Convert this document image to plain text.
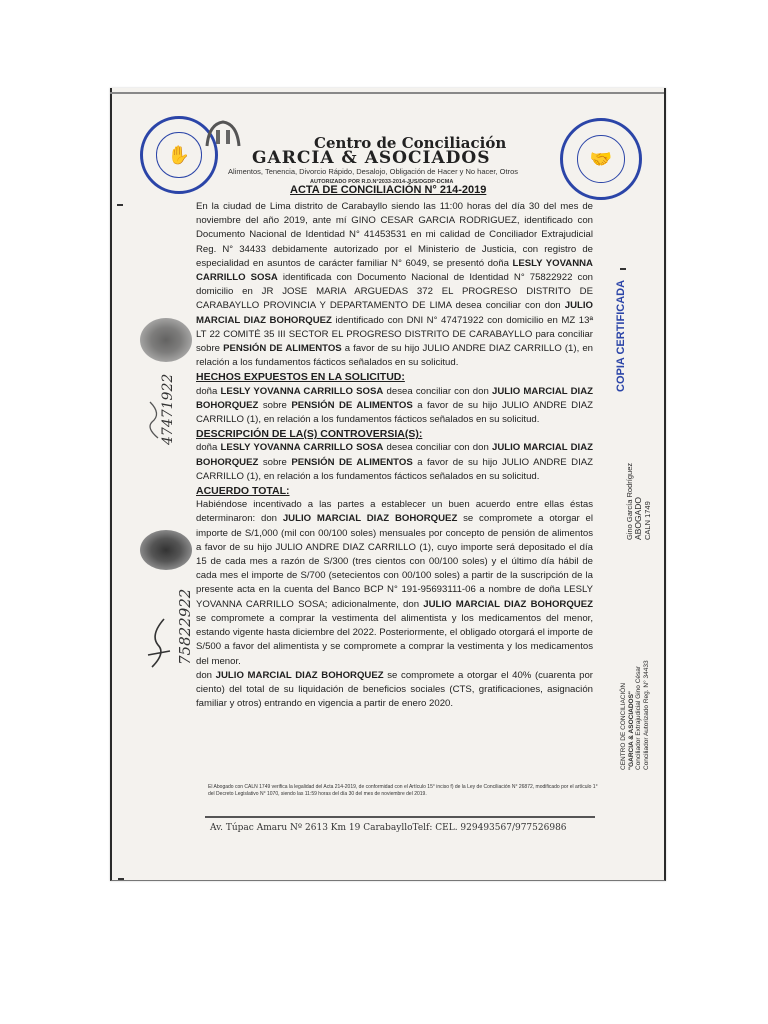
✋	🤝
Centro de Conciliación
GARCIA & ASOCIADOS
Alimentos, Tenencia, Divorcio Rápido, Desalojo, Obligación de Hacer y No hacer, Otros
AUTORIZADO POR R.D.N°2033-2014-JUS/DGDP-DCMA
ACTA DE CONCILIACIÓN N° 214-2019

En la ciudad de Lima distrito de Carabayllo siendo las 11:00 horas del día 30 del mes de noviembre del año 2019, ante mí GINO CESAR GARCIA RODRIGUEZ, identificado con Documento Nacional de Identidad N° 41453531 en mi calidad de Conciliador Extrajudicial Reg. N° 34433 debidamente autorizado por el Ministerio de Justicia, con registro de especialidad en asuntos de carácter familiar N° 6049, se presentó doña LESLY YOVANNA CARRILLO SOSA identificada con Documento Nacional de Identidad N° 75822922 con domicilio en JR JOSE MARIA ARGUEDAS 372 EL PROGRESO DISTRITO DE CARABAYLLO PROVINCIA Y DEPARTAMENTO DE LIMA desea conciliar con don JULIO MARCIAL DIAZ BOHORQUEZ identificado con DNI N° 47471922 con domicilio en MZ 13ª LT 22 COMITÉ 35 III SECTOR EL PROGRESO DISTRITO DE CARABAYLLO para conciliar sobre PENSIÓN DE ALIMENTOS a favor de su hijo JULIO ANDRE DIAZ CARRILLO (1), en relación a los fundamentos fácticos señalados en su solicitud.

HECHOS EXPUESTOS EN LA SOLICITUD:

doña LESLY YOVANNA CARRILLO SOSA desea conciliar con don JULIO MARCIAL DIAZ BOHORQUEZ sobre PENSIÓN DE ALIMENTOS a favor de su hijo JULIO ANDRE DIAZ CARRILLO (1), en relación a los fundamentos fácticos señalados en su solicitud.

DESCRIPCIÓN DE LA(S) CONTROVERSIA(S):

doña LESLY YOVANNA CARRILLO SOSA desea conciliar con don JULIO MARCIAL DIAZ BOHORQUEZ sobre PENSIÓN DE ALIMENTOS a favor de su hijo JULIO ANDRE DIAZ CARRILLO (1), en relación a los fundamentos fácticos señalados en su solicitud.

ACUERDO TOTAL:

Habiéndose incentivado a las partes a establecer un buen acuerdo entre ellas éstas determinaron: don JULIO MARCIAL DIAZ BOHORQUEZ se compromete a otorgar el importe de S/1,000 (mil con 00/100 soles) mensuales por concepto de pensión de alimentos a favor de su hijo JULIO ANDRE DIAZ CARRILLO (1), cuyo importe será depositado el día 15 de cada mes a razón de S/300 (tres cientos con 00/100 soles) y el último día hábil de cada mes el importe de S/700 (setecientos con 00/100 soles) a partir de la suscripción de la presente acta en la cuenta del Banco BCP N° 191-95693111-06 a nombre de doña LESLY YOVANNA CARRILLO SOSA; adicionalmente, don JULIO MARCIAL DIAZ BOHORQUEZ se compromete a comprar la vestimenta del alimentista y los medicamentos del menor, estando vigente hasta diciembre del 2022. Posteriormente, el obligado otorgará el importe de S/500 a favor del alimentista y se compromete a comprar la vestimenta y los medicamentos del menor.

don JULIO MARCIAL DIAZ BOHORQUEZ se compromete a otorgar el 40% (cuarenta por ciento) del total de su liquidación de beneficios sociales (CTS, gratificaciones, asignación familiar y otros) entrando en vigencia a partir de enero 2020.

El Abogado con CALN 1749 verifica la legalidad del Acta 214-2019, de conformidad con el Artículo 15° inciso f) de la Ley de Conciliación N° 26872, modificado por el artículo 1° del Decreto Legislativo N° 1070, siendo las 11:59 horas del día 30 del mes de noviembre del 2019.
Av. Túpac Amaru Nº 2613 Km 19 CarabaylloTelf: CEL. 929493567/977526986
47471922
75822922
COPIA CERTIFICADA
Gino García Rodríguez ABOGADO CALN 1749
CENTRO DE CONCILIACIÓN "GARCIA & ASOCIADOS" Conciliador Extrajudicial Gino César Conciliador Autorizado Reg. N° 34433
